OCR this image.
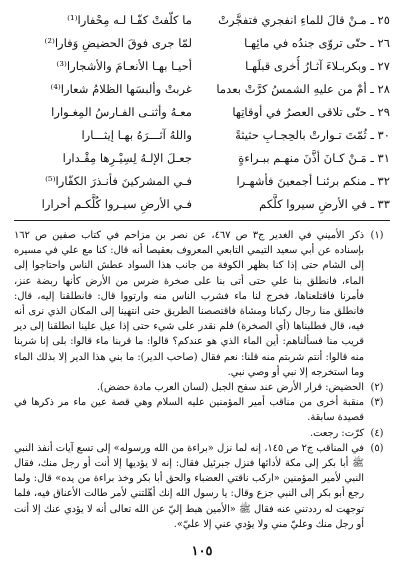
٢٥ ـ مـنْ قالَ للماءِ انفجري فتفجَّرتْ
ما كلّفتْ كفّـا لـه مِحْفارا⁽¹⁾
٢٦ ـ حتّى تروّى جندُه في مائِهـا
لمّا جرى فوقَ الحضيضِ وَفارا⁽²⁾
٢٧ ـ وبكربـلاءَ آثـارُ أُخرى قبلَهـا
أحيـا بهـا الأنعـامَ والأشجارا⁽³⁾
٢٨ ـ أمْ من عليهِ الشمسُ كرَّتْ بعدما
غربتْ وألبسَها الظلامُ شعارا⁽⁴⁾
٢٩ ـ حتّى تلاقى العصرُ في أوقاتِها
معـهُ وأثنـى الفـارسُ المِغـوارا
٣٠ ـ ثُمّتَ تـوارتْ بالحِجـابِ حثيثةً
واللهُ آثـــرَهُ بهـا إيثـــارا
٣١ ـ مَـنْ كـانَ أذَّنَ منهـم ببـراءةٍ
جعـلَ الإلـهُ لِسِيْـرِها مِقْـدارا
٣٢ ـ منكم برئنـا أجمعينَ فأشهـرا
فـي المشركينَ فأنـذرَ الكفّارا⁽⁵⁾
٣٣ ـ في الأرضِ سيروا كلَّكم
فـي الأرضِ سيـروا كُلَّكـم أحرارا
(١)
ذكر الأميني في الغدير ج٣ ص ٤٦٧، عن نصر بن مزاحم في كتاب صفين ص ١٦٢ بإسناده عن أبي سعيد التيمي التابعي المعروف بعقيصا أنه قال: كنا مع علي في مسيره إلى الشام حتى إذا كنا بظهر الكوفة من جانب هذا السواد عطش الناس واحتاجوا إلى الماء، فانطلق بنا علي حتى أتى بنا على صخرة ضرس من الأرض كأنها ربضة عنز، فأمرنا فاقتلعناها، فخرج لنا ماء فشرب الناس منه وارتووا قال: فانطلقنا إليه، قال: فانطلق منا رجال ركبانا ومشاة فاقتصصنا الطريق حتى انتهينا إلى المكان الذي نرى أنه فيه، قال فطلبناها (أي الصخرة) فلم نقدر على شيء حتى إذا عيل علينا انطلقنا إلى دير قريب منا فسألناهم: أين الماء الذي هو عندكم؟ قالوا: ما قربنا ماء قالوا: بلى إنا شربنا منه قالوا: أنتم شربتم منه قلنا: نعم فقال (صاحب الدير): ما بني هذا الدير إلا بذلك الماء وما استخرجه إلا نبي أو وصي نبي.
(٢)
الحضيض: قرار الأرض عند سفح الجبل (لسان العرب مادة حضض).
(٣)
منقبة أخرى من مناقب أمير المؤمنين عليه السلام وهي قصة عين ماء مر ذكرها في قصيدة سابقة.
(٤)
كرّت: رجعت.
(٥)
في المناقب ج٢ ص ١٤٥، إنه لما نزل «براءة من الله ورسوله» إلى تسع آيات أنفذ النبي ﷺ أبا بكر إلى مكة لأدائها فنزل جبرئيل فقال: إنه لا يؤديها إلا أنت أو رجل منك، فقال النبي لأمير المؤمنين «اركب ناقتي العضباء والحق أبا بكر وخذ براءة من يده» قال: ولما رجع أبو بكر إلى النبي جزع وقال: يا رسول الله إنك أهّلتني لأمر طالت الأعناق فيه، فلما توجهت له رددتني عنه فقال ﷺ «الأمين هبط إليّ عن الله تعالى أنه لا يؤدي عنك إلا أنت أو رجل منك وعليّ مني ولا يؤدي عني إلا عليّ».
١٠٥
